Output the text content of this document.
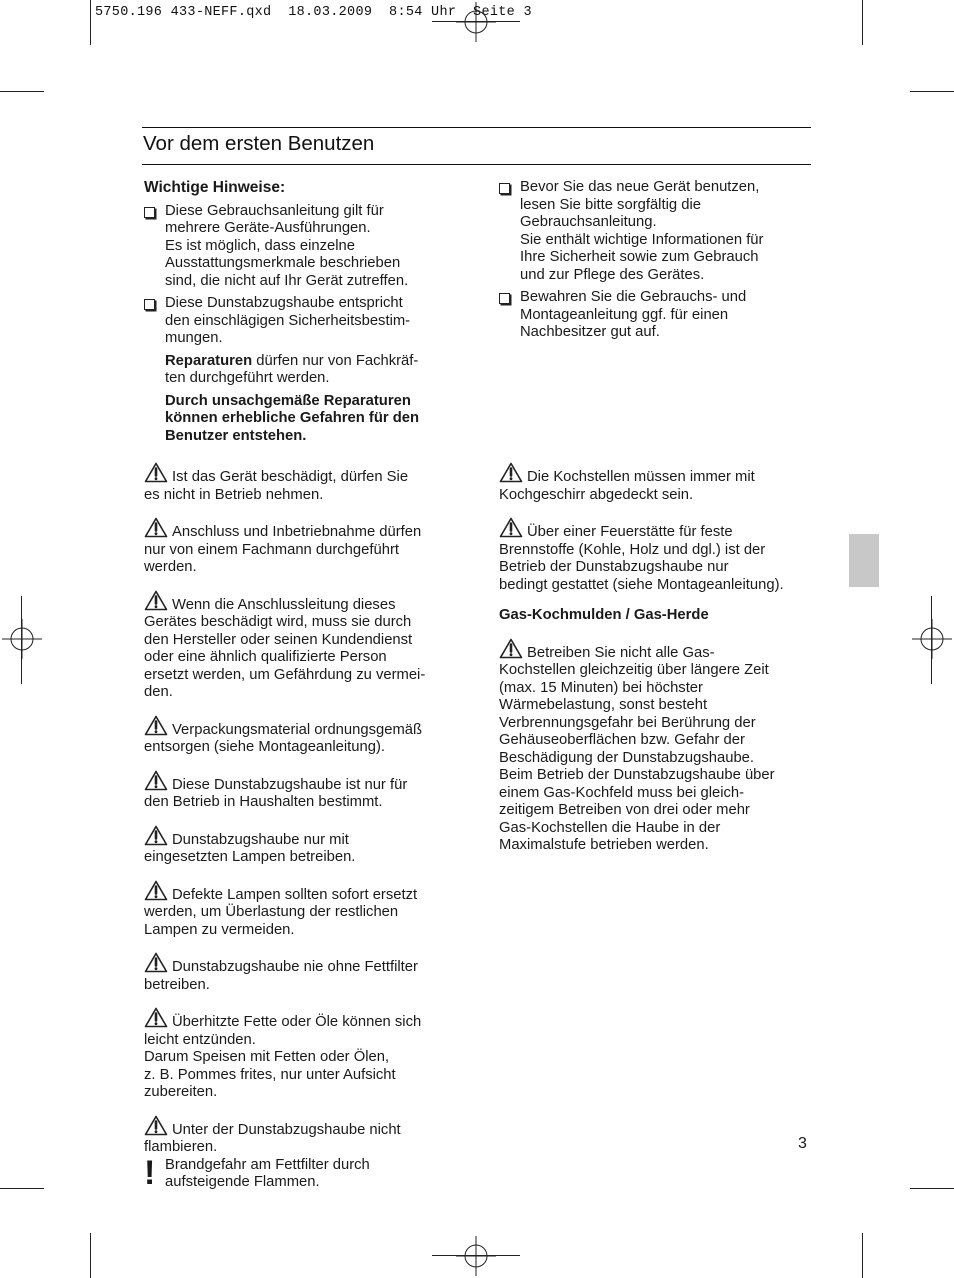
5750.196 433-NEFF.qxd  18.03.2009  8:54 Uhr  Seite 3
Vor dem ersten Benutzen
Wichtige Hinweise:
Diese Gebrauchsanleitung gilt für
mehrere Geräte-Ausführungen.
Es ist möglich, dass einzelne
Ausstattungsmerkmale beschrieben
sind, die nicht auf Ihr Gerät zutreffen.
Diese Dunstabzugshaube entspricht
den einschlägigen Sicherheitsbestim-
mungen.
Reparaturen dürfen nur von Fachkräf-
ten durchgeführt werden.
Durch unsachgemäße Reparaturen
können erhebliche Gefahren für den
Benutzer entstehen.
Bevor Sie das neue Gerät benutzen,
lesen Sie bitte sorgfältig die
Gebrauchsanleitung.
Sie enthält wichtige Informationen für
Ihre Sicherheit sowie zum Gebrauch
und zur Pflege des Gerätes.
Bewahren Sie die Gebrauchs- und
Montageanleitung ggf. für einen
Nachbesitzer gut auf.
Ist das Gerät beschädigt, dürfen Sie
es nicht in Betrieb nehmen.
Anschluss und Inbetriebnahme dürfen
nur von einem Fachmann durchgeführt
werden.
Wenn die Anschlussleitung dieses
Gerätes beschädigt wird, muss sie durch
den Hersteller oder seinen Kundendienst
oder eine ähnlich qualifizierte Person
ersetzt werden, um Gefährdung zu vermei-
den.
Verpackungsmaterial ordnungsgemäß
entsorgen (siehe Montageanleitung).
Diese Dunstabzugshaube ist nur für
den Betrieb in Haushalten bestimmt.
Dunstabzugshaube nur mit
eingesetzten Lampen betreiben.
Defekte Lampen sollten sofort ersetzt
werden, um Überlastung der restlichen
Lampen zu vermeiden.
Dunstabzugshaube nie ohne Fettfilter
betreiben.
Überhitzte Fette oder Öle können sich
leicht entzünden.
Darum Speisen mit Fetten oder Ölen,
z. B. Pommes frites, nur unter Aufsicht
zubereiten.
Unter der Dunstabzugshaube nicht
flambieren.
! Brandgefahr am Fettfilter durch
aufsteigende Flammen.
Die Kochstellen müssen immer mit
Kochgeschirr abgedeckt sein.
Über einer Feuerstätte für feste
Brennstoffe (Kohle, Holz und dgl.) ist der
Betrieb der Dunstabzugshaube nur
bedingt gestattet (siehe Montageanleitung).
Gas-Kochmulden / Gas-Herde
Betreiben Sie nicht alle Gas-
Kochstellen gleichzeitig über längere Zeit
(max. 15 Minuten) bei höchster
Wärmebelastung, sonst besteht
Verbrennungsgefahr bei Berührung der
Gehäuseoberflächen bzw. Gefahr der
Beschädigung der Dunstabzugshaube.
Beim Betrieb der Dunstabzugshaube über
einem Gas-Kochfeld muss bei gleich-
zeitigem Betreiben von drei oder mehr
Gas-Kochstellen die Haube in der
Maximalstufe betrieben werden.
3
